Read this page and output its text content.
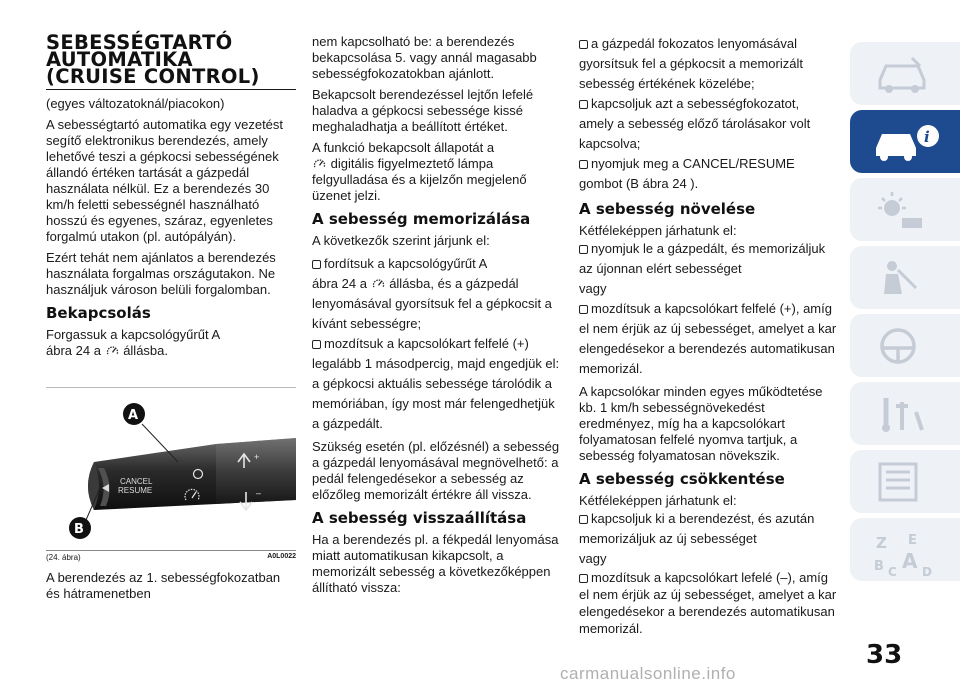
SEBESSÉGTARTÓ
AUTOMATIKA
(CRUISE CONTROL)

(egyes változatoknál/piacokon)

A sebességtartó automatika egy vezetést segítő elektronikus berendezés, amely lehetővé teszi a gépkocsi sebességének állandó értéken tartását a gázpedál használata nélkül. Ez a berendezés 30 km/h feletti sebességnél használható hosszú és egyenes, száraz, egyenletes forgalmú utakon (pl. autópályán).

Ezért tehát nem ajánlatos a berendezés használata forgalmas országutakon. Ne használjuk városon belüli forgalomban.

Bekapcsolás

Forgassuk a kapcsológyűrűt A
ábra 24 a állásba.

CANCEL
RESUME
+
–
A
B
(24. ábra)	A0L0022

A berendezés az 1. sebességfokozatban és hátramenetben

nem kapcsolható be: a berendezés bekapcsolása 5. vagy annál magasabb sebességfokozatokban ajánlott.

Bekapcsolt berendezéssel lejtőn lefelé haladva a gépkocsi sebessége kissé meghaladhatja a beállított értéket.

A funkció bekapcsolt állapotát a
digitális figyelmeztető lámpa felgyulladása és a kijelzőn megjelenő üzenet jelzi.

A sebesség memorizálása

A következők szerint járjunk el:

fordítsuk a kapcsológyűrűt A
ábra 24 a állásba, és a gázpedál lenyomásával gyorsítsuk fel a gépkocsit a kívánt sebességre;
mozdítsuk a kapcsolókart felfelé (+) legalább 1 másodpercig, majd engedjük el: a gépkocsi aktuális sebessége tárolódik a memóriában, így most már felengedhetjük a gázpedált.

Szükség esetén (pl. előzésnél) a sebesség a gázpedál lenyomásával megnövelhető: a pedál felengedésekor a sebesség az előzőleg memorizált értékre áll vissza.

A sebesség visszaállítása

Ha a berendezés pl. a fékpedál lenyomása miatt automatikusan kikapcsolt, a memorizált sebesség a következőképpen állítható vissza:

a gázpedál fokozatos lenyomásával gyorsítsuk fel a gépkocsit a memorizált sebesség értékének közelébe;
kapcsoljuk azt a sebességfokozatot, amely a sebesség előző tárolásakor volt kapcsolva;
nyomjuk meg a CANCEL/RESUME gombot (B ábra 24 ).
A sebesség növelése

Kétféleképpen járhatunk el:

nyomjuk le a gázpedált, és memorizáljuk az újonnan elért sebességet
vagy
mozdítsuk a kapcsolókart felfelé (+), amíg el nem érjük az új sebességet, amelyet a kar elengedésekor a berendezés automatikusan memorizál.

A kapcsolókar minden egyes működtetése kb. 1 km/h sebességnövekedést eredményez, míg ha a kapcsolókart folyamatosan felfelé nyomva tartjuk, a sebesség folyamatosan növekszik.

A sebesség csökkentése

Kétféleképpen járhatunk el:

kapcsoljuk ki a berendezést, és azután memorizáljuk az új sebességet
vagy
mozdítsuk a kapcsolókart lefelé (–), amíg el nem érjük az új sebességet, amelyet a kar elengedésekor a berendezés automatikusan memorizál.
i
Z E
B A
C D
33
carmanualsonline.info
